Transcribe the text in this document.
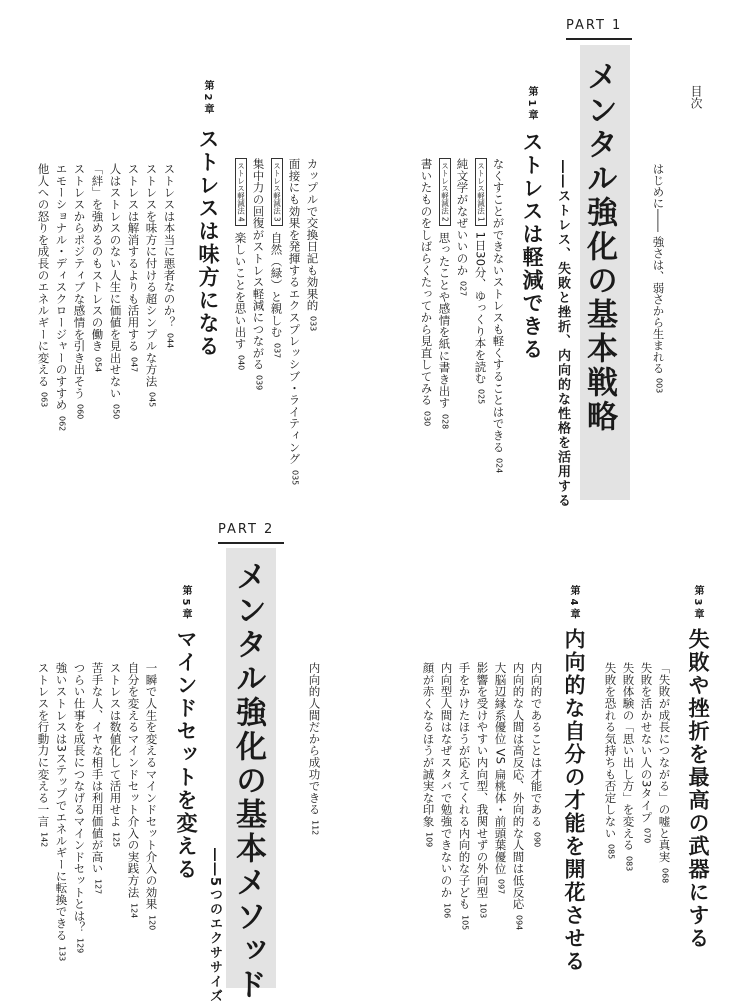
目次
はじめに―― 強さは、弱さから生まれる003
PART 1
メンタル強化の基本戦略
――ストレス、失敗と挫折、内向的な性格を活用する
第 1 章
ストレスは軽減できる
なくすことができないストレスも軽くすることはできる024
ストレス軽減法 11日30分、ゆっくり本を読む025
純文学がなぜいいのか027
ストレス軽減法 2思ったことや感情を紙に書き出す028
書いたものをしばらくたってから見直してみる030
カップルで交換日記も効果的033
面接にも効果を発揮するエクスプレッシブ・ライティング035
ストレス軽減法 3自然（緑）と親しむ037
集中力の回復がストレス軽減につながる039
ストレス軽減法 4楽しいことを思い出す040
第 2 章
ストレスは味方になる
ストレスは本当に悪者なのか？044
ストレスを味方に付ける超シンプルな方法045
ストレスは解消するよりも活用する047
人はストレスのない人生に価値を見出せない050
「絆」を強めるのもストレスの働き054
ストレスからポジティブな感情を引き出そう060
エモーショナル・ディスクロージャーのすすめ062
他人への怒りを成長のエネルギーに変える063
第 3 章
失敗や挫折を最高の武器にする
「失敗が成長につながる」の嘘と真実068
失敗を活かせない人の3タイプ070
失敗体験の「思い出し方」を変える083
失敗を恐れる気持ちも否定しない085
第 4 章
内向的な自分の才能を開花させる
内向的であることは才能である090
内向的な人間は高反応、外向的な人間は低反応094
大脳辺縁系優位 VS 扁桃体・前頭葉優位097
影響を受けやすい内向型、我関せずの外向型103
手をかけたほうが応えてくれる内向的な子ども105
内向型人間はなぜスタバで勉強できないのか106
顔が赤くなるほうが誠実な印象109
内向的人間だから成功できる112
PART 2
メンタル強化の基本メソッド
――5つのエクササイズ
第 5 章
マインドセットを変える
一瞬で人生を変えるマインドセット介入の効果120
自分を変えるマインドセット介入の実践方法124
ストレスは数値化して活用せよ125
苦手な人、イヤな相手は利用価値が高い127
つらい仕事を成長につなげるマインドセットとは？129
強いストレスは3ステップでエネルギーに転換できる133
ストレスを行動力に変える一言142
